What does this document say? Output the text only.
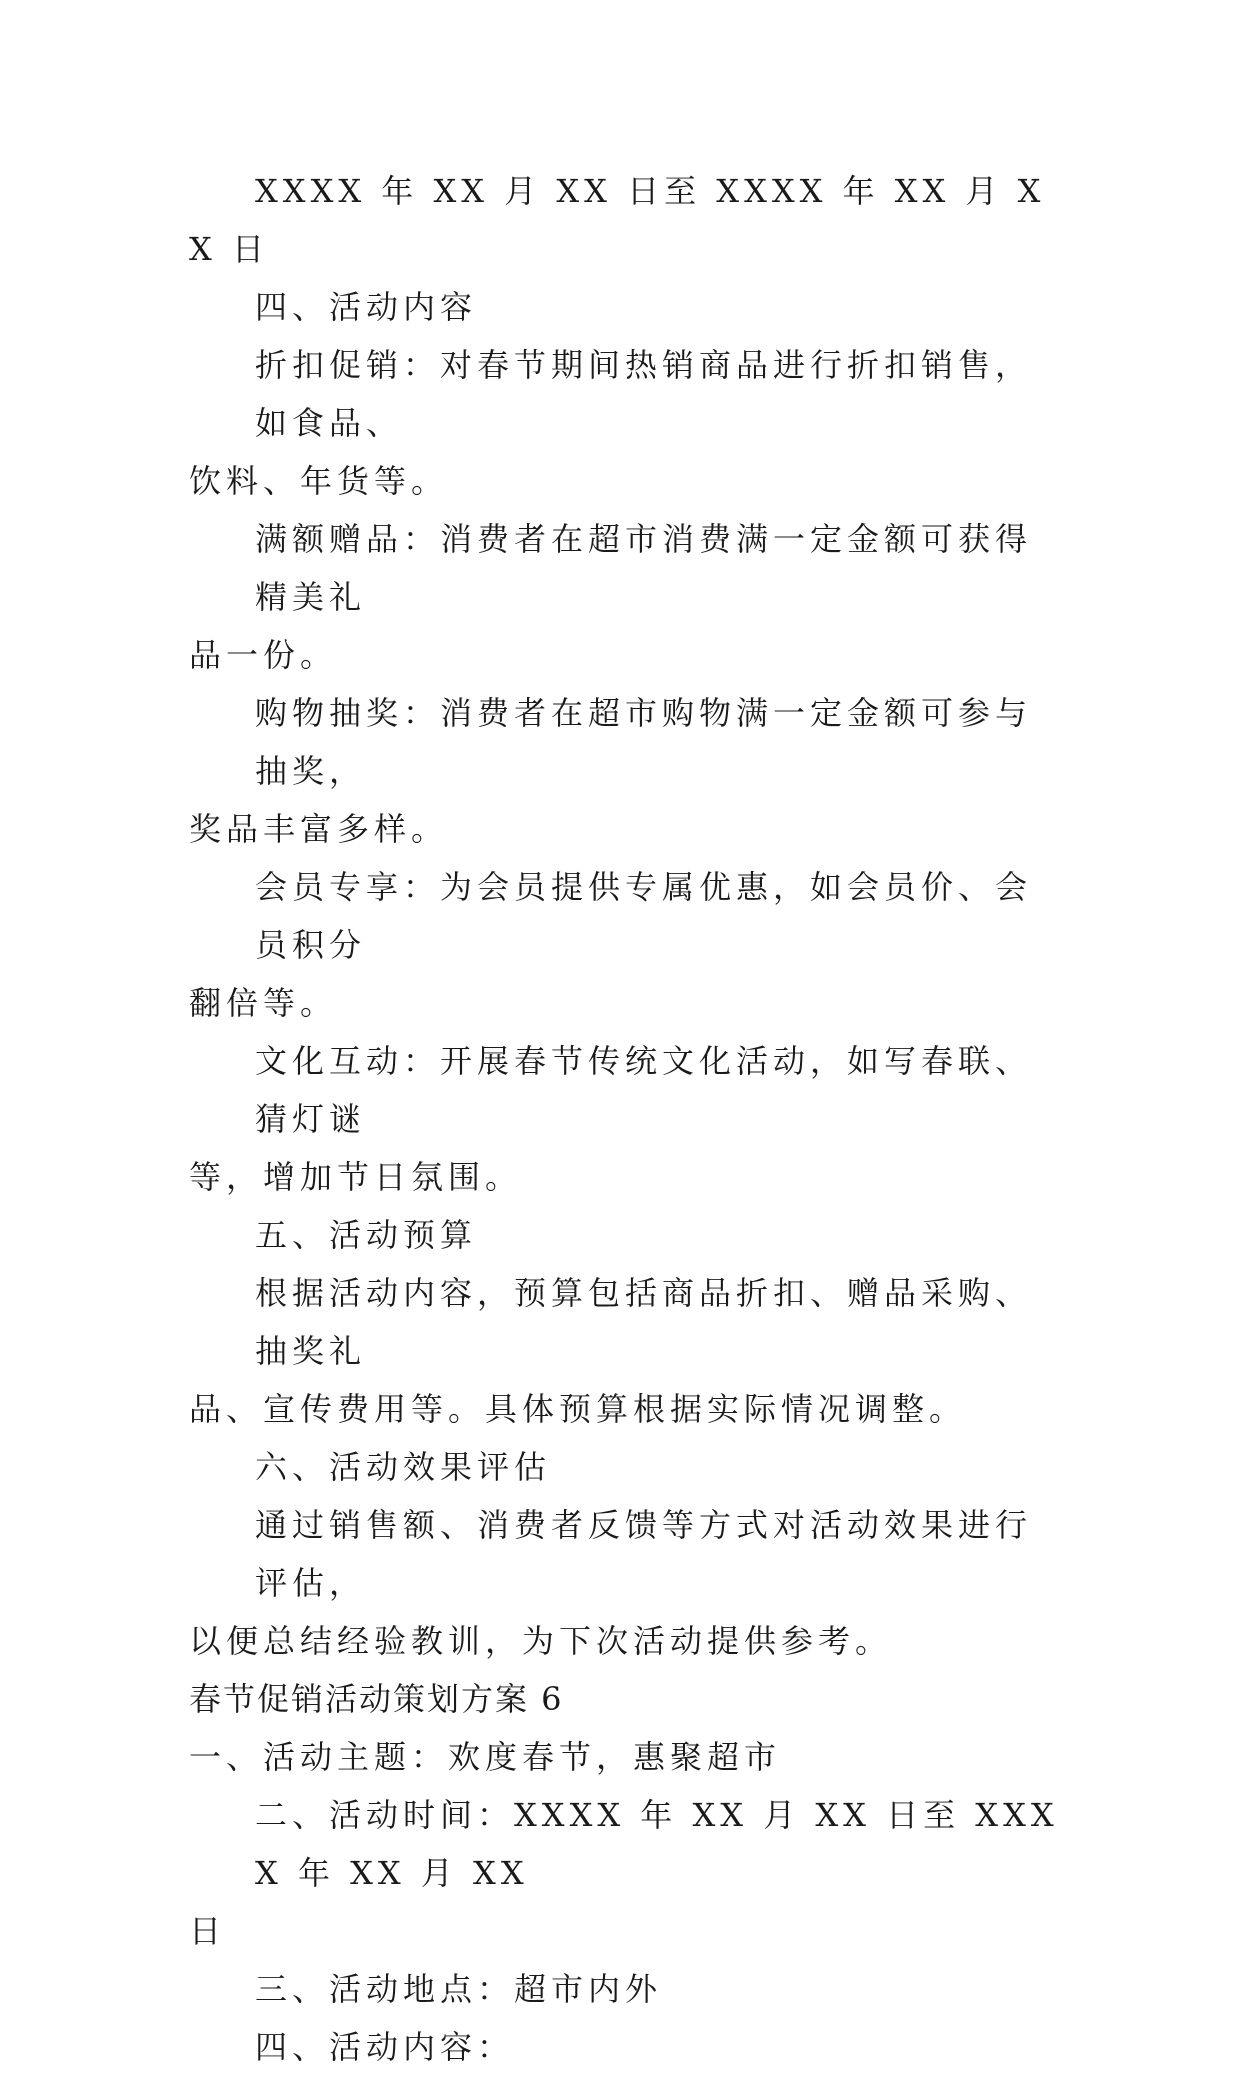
XXXX 年 XX 月 XX 日至 XXXX 年 XX 月 XX 日

四、活动内容

折扣促销：对春节期间热销商品进行折扣销售，如食品、
饮料、年货等。

满额赠品：消费者在超市消费满一定金额可获得精美礼
品一份。

购物抽奖：消费者在超市购物满一定金额可参与抽奖，
奖品丰富多样。

会员专享：为会员提供专属优惠，如会员价、会员积分
翻倍等。

文化互动：开展春节传统文化活动，如写春联、猜灯谜
等，增加节日氛围。

五、活动预算

根据活动内容，预算包括商品折扣、赠品采购、抽奖礼
品、宣传费用等。具体预算根据实际情况调整。

六、活动效果评估

通过销售额、消费者反馈等方式对活动效果进行评估，
以便总结经验教训，为下次活动提供参考。

春节促销活动策划方案 6

一、活动主题：欢度春节，惠聚超市

二、活动时间：XXXX 年 XX 月 XX 日至 XXXX 年 XX 月 XX
日

三、活动地点：超市内外

四、活动内容：
